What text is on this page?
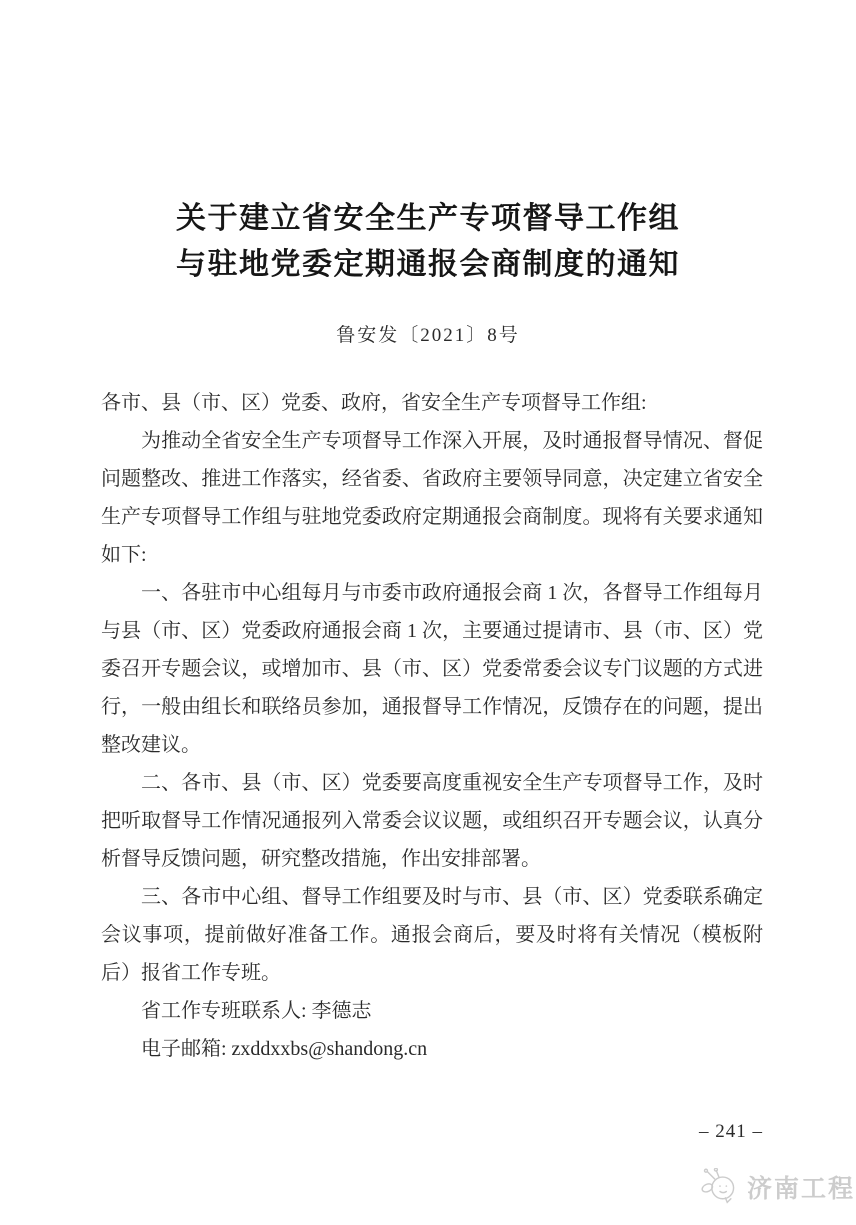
关于建立省安全生产专项督导工作组
与驻地党委定期通报会商制度的通知
鲁安发〔2021〕8号

各市、县（市、区）党委、政府，省安全生产专项督导工作组:

为推动全省安全生产专项督导工作深入开展，及时通报督导情况、督促问题整改、推进工作落实，经省委、省政府主要领导同意，决定建立省安全生产专项督导工作组与驻地党委政府定期通报会商制度。现将有关要求通知如下:

一、各驻市中心组每月与市委市政府通报会商 1 次，各督导工作组每月与县（市、区）党委政府通报会商 1 次，主要通过提请市、县（市、区）党委召开专题会议，或增加市、县（市、区）党委常委会议专门议题的方式进行，一般由组长和联络员参加，通报督导工作情况，反馈存在的问题，提出整改建议。

二、各市、县（市、区）党委要高度重视安全生产专项督导工作，及时把听取督导工作情况通报列入常委会议议题，或组织召开专题会议，认真分析督导反馈问题，研究整改措施，作出安排部署。

三、各市中心组、督导工作组要及时与市、县（市、区）党委联系确定会议事项，提前做好准备工作。通报会商后，要及时将有关情况（模板附后）报省工作专班。

省工作专班联系人: 李德志

电子邮箱: zxddxxbs@shandong.cn

– 241 –
济南工程
